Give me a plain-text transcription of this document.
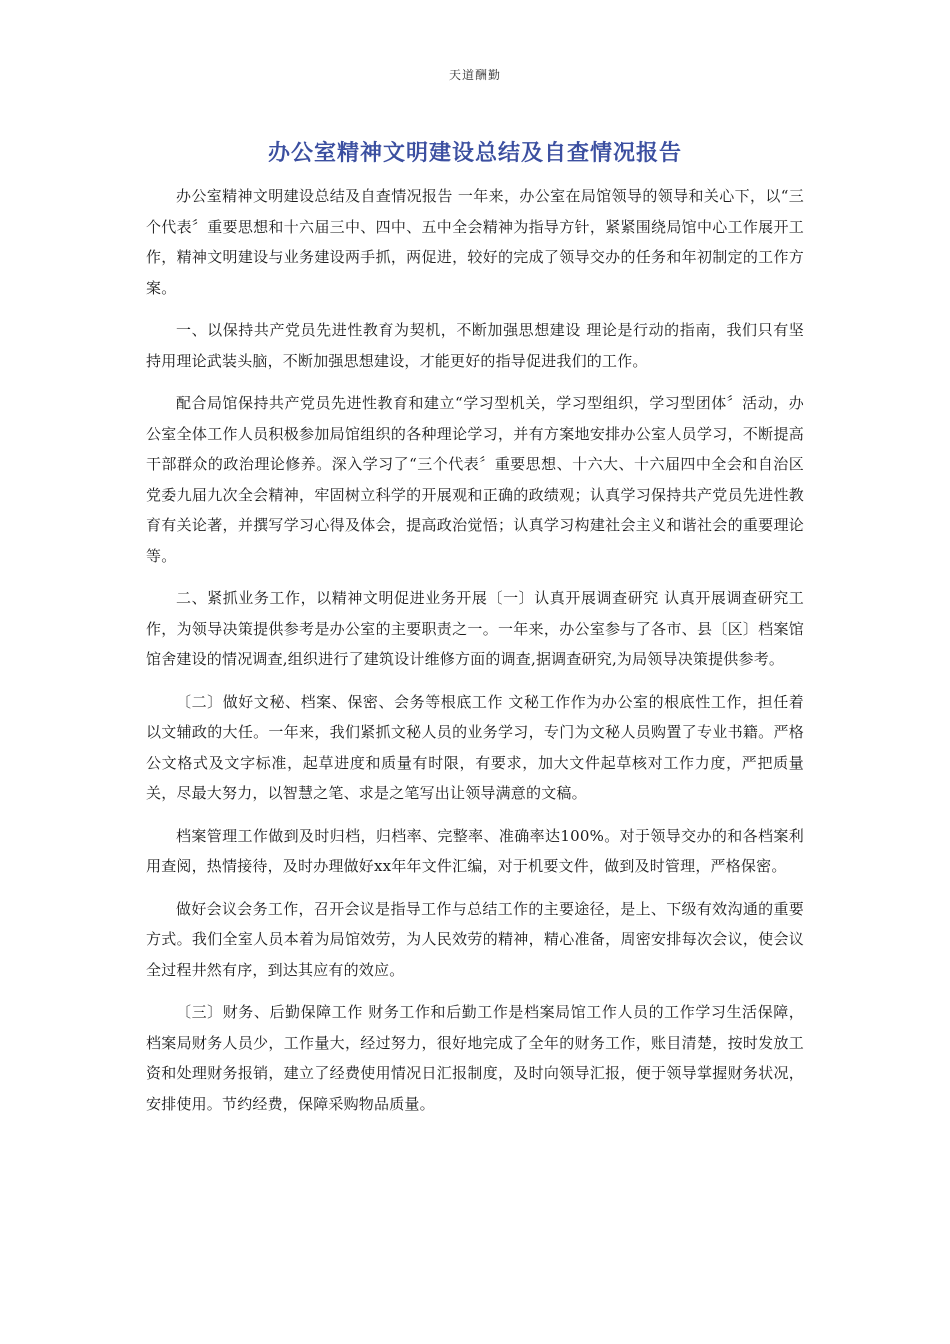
天道酬勤
办公室精神文明建设总结及自查情况报告

办公室精神文明建设总结及自查情况报告 一年来，办公室在局馆领导的领导和关心下，以“三个代表〞重要思想和十六届三中、四中、五中全会精神为指导方针，紧紧围绕局馆中心工作展开工作，精神文明建设与业务建设两手抓，两促进，较好的完成了领导交办的任务和年初制定的工作方案。

一、以保持共产党员先进性教育为契机，不断加强思想建设 理论是行动的指南，我们只有坚持用理论武装头脑，不断加强思想建设，才能更好的指导促进我们的工作。

配合局馆保持共产党员先进性教育和建立“学习型机关，学习型组织，学习型团体〞活动，办公室全体工作人员积极参加局馆组织的各种理论学习，并有方案地安排办公室人员学习，不断提高干部群众的政治理论修养。深入学习了“三个代表〞重要思想、十六大、十六届四中全会和自治区党委九届九次全会精神，牢固树立科学的开展观和正确的政绩观；认真学习保持共产党员先进性教育有关论著，并撰写学习心得及体会，提高政治觉悟；认真学习构建社会主义和谐社会的重要理论等。

二、紧抓业务工作，以精神文明促进业务开展〔一〕认真开展调查研究 认真开展调查研究工作，为领导决策提供参考是办公室的主要职责之一。一年来，办公室参与了各市、县〔区〕档案馆馆舍建设的情况调查,组织进行了建筑设计维修方面的调查,据调查研究,为局领导决策提供参考。

〔二〕做好文秘、档案、保密、会务等根底工作 文秘工作作为办公室的根底性工作，担任着以文辅政的大任。一年来，我们紧抓文秘人员的业务学习，专门为文秘人员购置了专业书籍。严格公文格式及文字标准，起草进度和质量有时限，有要求，加大文件起草核对工作力度，严把质量关，尽最大努力，以智慧之笔、求是之笔写出让领导满意的文稿。

档案管理工作做到及时归档，归档率、完整率、准确率达100%。对于领导交办的和各档案利用查阅，热情接待，及时办理做好xx年年文件汇编，对于机要文件，做到及时管理，严格保密。

做好会议会务工作，召开会议是指导工作与总结工作的主要途径，是上、下级有效沟通的重要方式。我们全室人员本着为局馆效劳，为人民效劳的精神，精心准备，周密安排每次会议，使会议全过程井然有序，到达其应有的效应。

〔三〕财务、后勤保障工作 财务工作和后勤工作是档案局馆工作人员的工作学习生活保障，档案局财务人员少，工作量大，经过努力，很好地完成了全年的财务工作，账目清楚，按时发放工资和处理财务报销，建立了经费使用情况日汇报制度，及时向领导汇报，便于领导掌握财务状况，安排使用。节约经费，保障采购物品质量。
